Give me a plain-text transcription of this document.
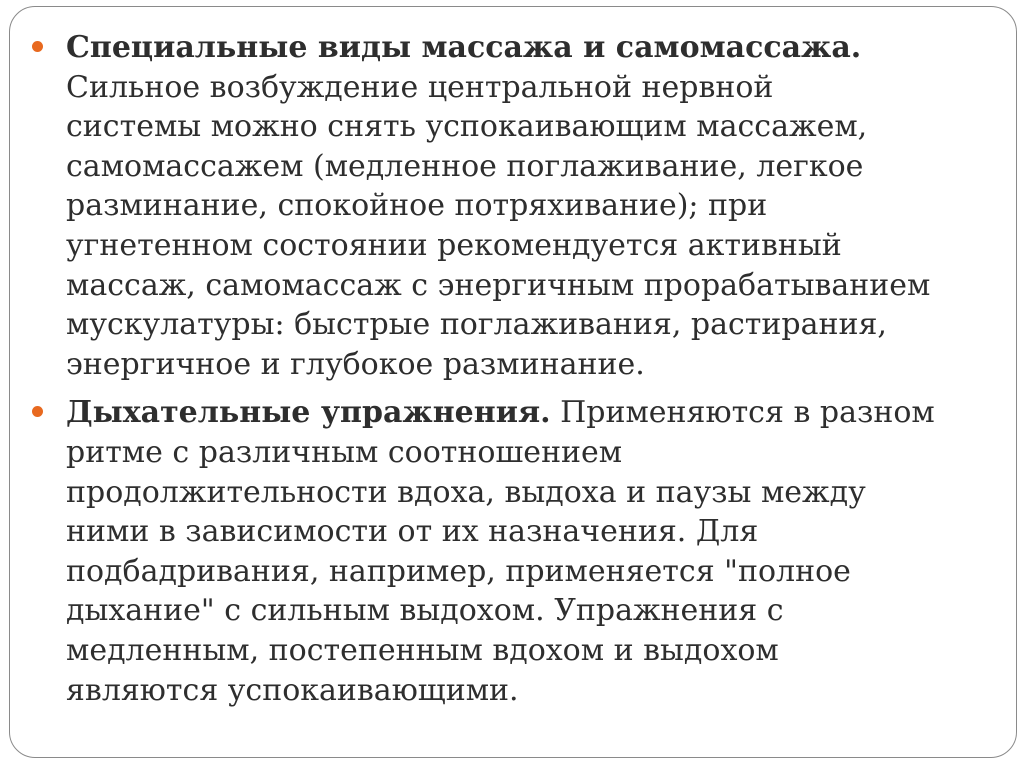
Специальные виды массажа и самомассажа.
Сильное возбуждение центральной нервной
системы можно снять успокаивающим массажем,
самомассажем (медленное поглаживание, легкое
разминание, спокойное потряхивание); при
угнетенном состоянии рекомендуется активный
массаж, самомассаж с энергичным прорабатыванием
мускулатуры: быстрые поглаживания, растирания,
энергичное и глубокое разминание.
Дыхательные упражнения. Применяются в разном
ритме с различным соотношением
продолжительности вдоха, выдоха и паузы между
ними в зависимости от их назначения. Для
подбадривания, например, применяется "полное
дыхание" с сильным выдохом. Упражнения с
медленным, постепенным вдохом и выдохом
являются успокаивающими.
